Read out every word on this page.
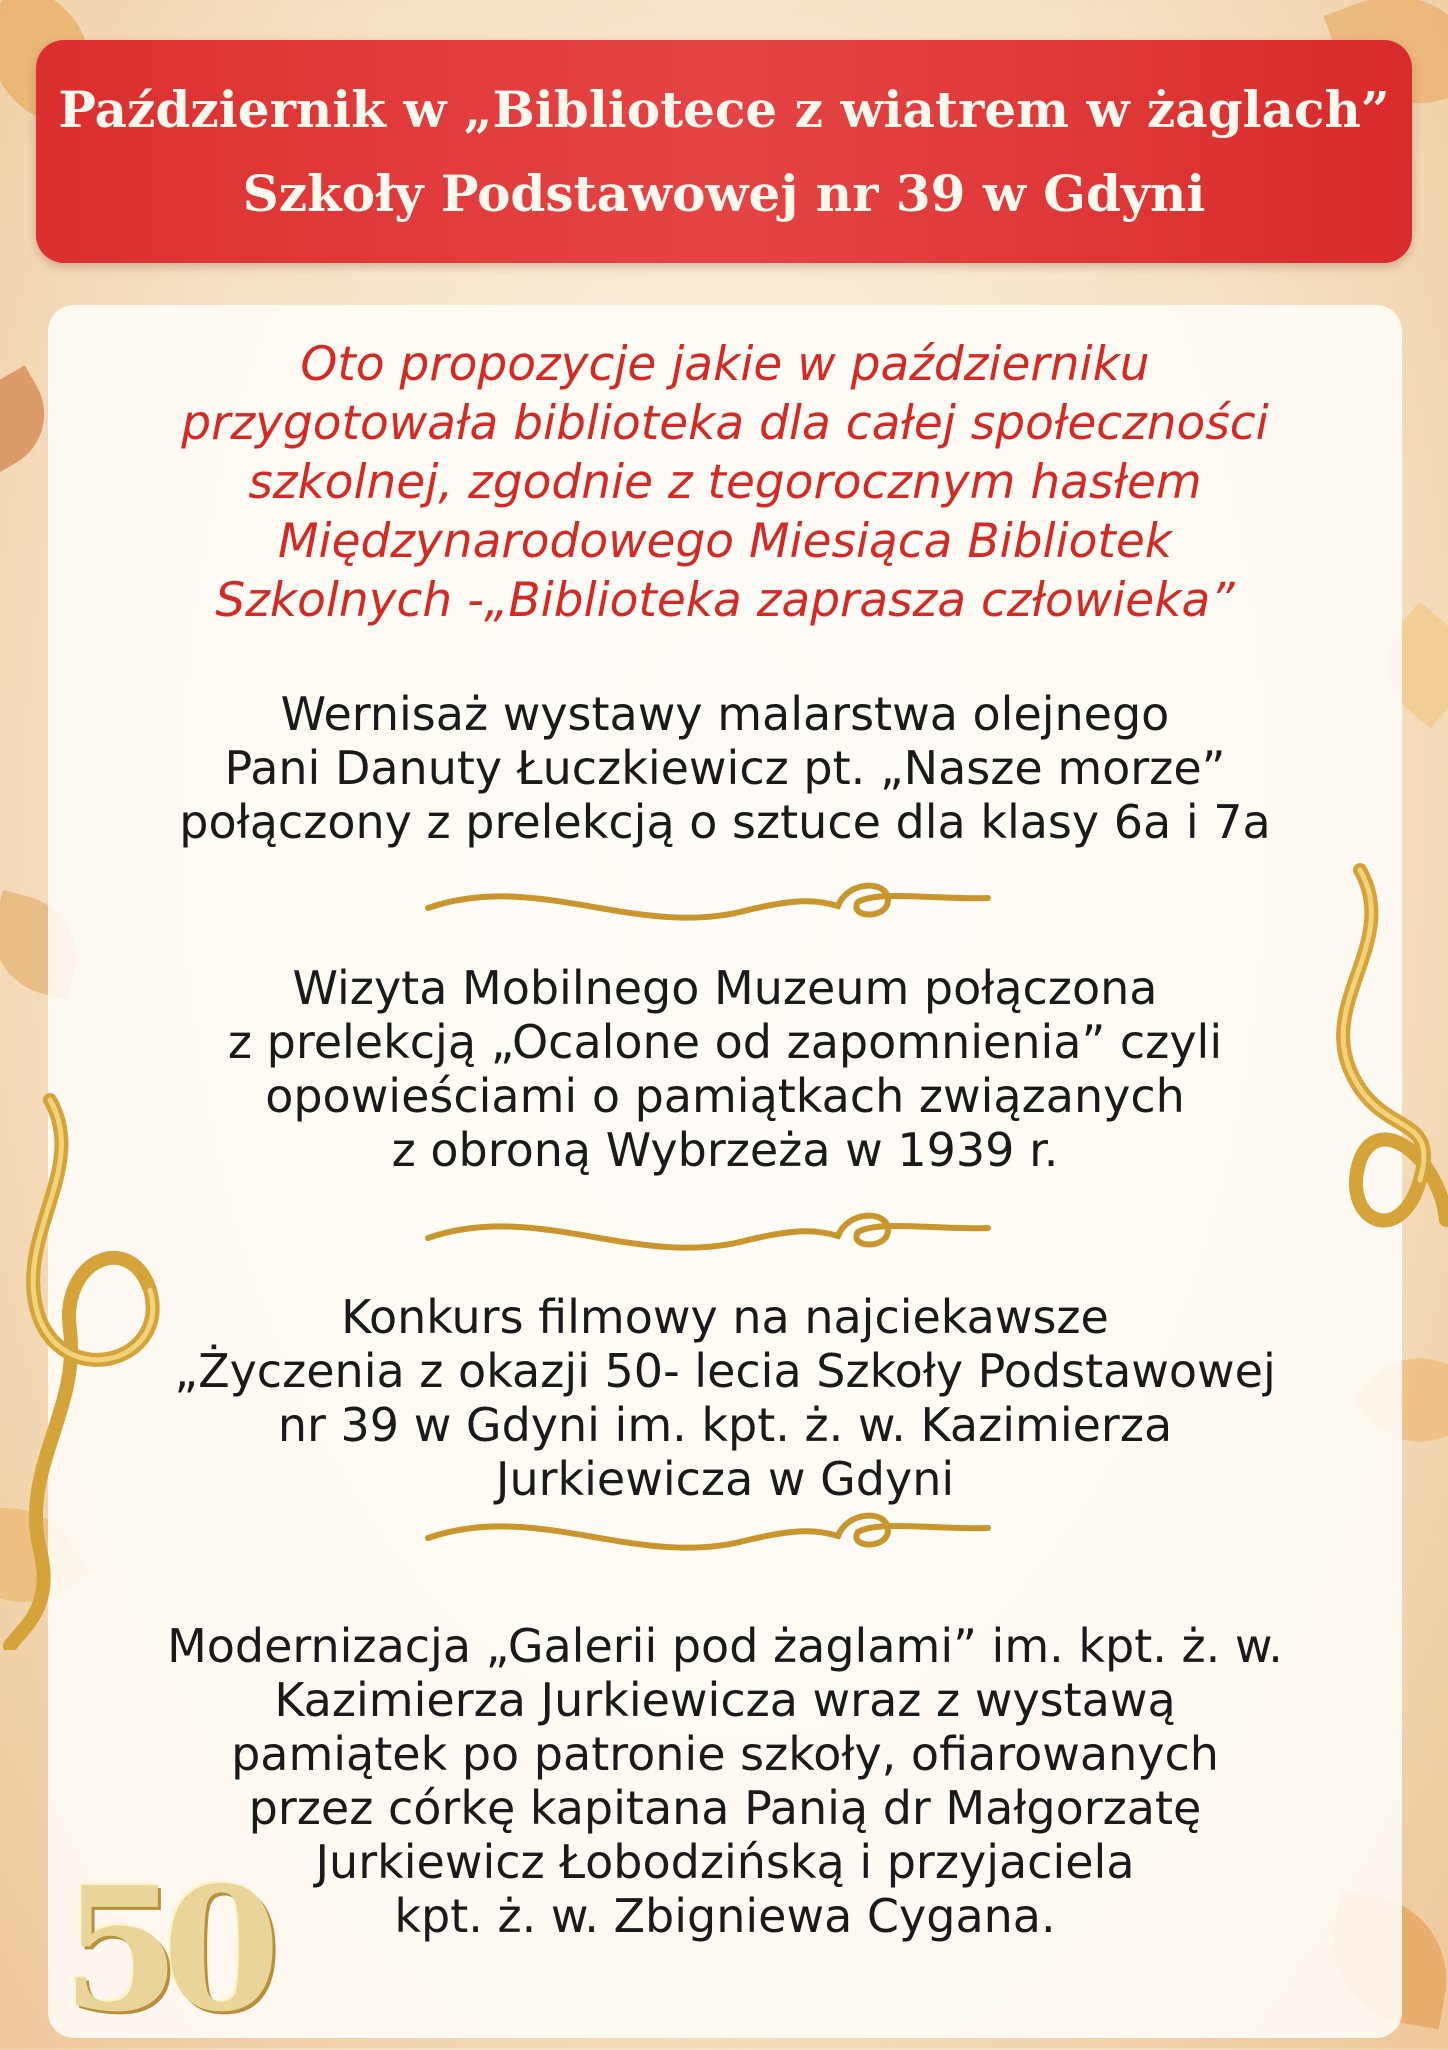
Październik w „Bibliotece z wiatrem w żaglach”
Szkoły Podstawowej nr 39 w Gdyni
Oto propozycje jakie w październiku
przygotowała biblioteka dla całej społeczności
szkolnej, zgodnie z tegorocznym hasłem
Międzynarodowego Miesiąca Bibliotek
Szkolnych -„Biblioteka zaprasza człowieka”
Wernisaż wystawy malarstwa olejnego
Pani Danuty Łuczkiewicz pt. „Nasze morze”
połączony z prelekcją o sztuce dla klasy 6a i 7a
Wizyta Mobilnego Muzeum połączona
z prelekcją „Ocalone od zapomnienia” czyli
opowieściami o pamiątkach związanych
z obroną Wybrzeża w 1939 r.
Konkurs filmowy na najciekawsze
„Życzenia z okazji 50- lecia Szkoły Podstawowej
nr 39 w Gdyni im. kpt. ż. w. Kazimierza
Jurkiewicza w Gdyni
Modernizacja „Galerii pod żaglami” im. kpt. ż. w.
Kazimierza Jurkiewicza wraz z wystawą
pamiątek po patronie szkoły, ofiarowanych
przez córkę kapitana Panią dr Małgorzatę
Jurkiewicz Łobodzińską i przyjaciela
kpt. ż. w. Zbigniewa Cygana.
50
